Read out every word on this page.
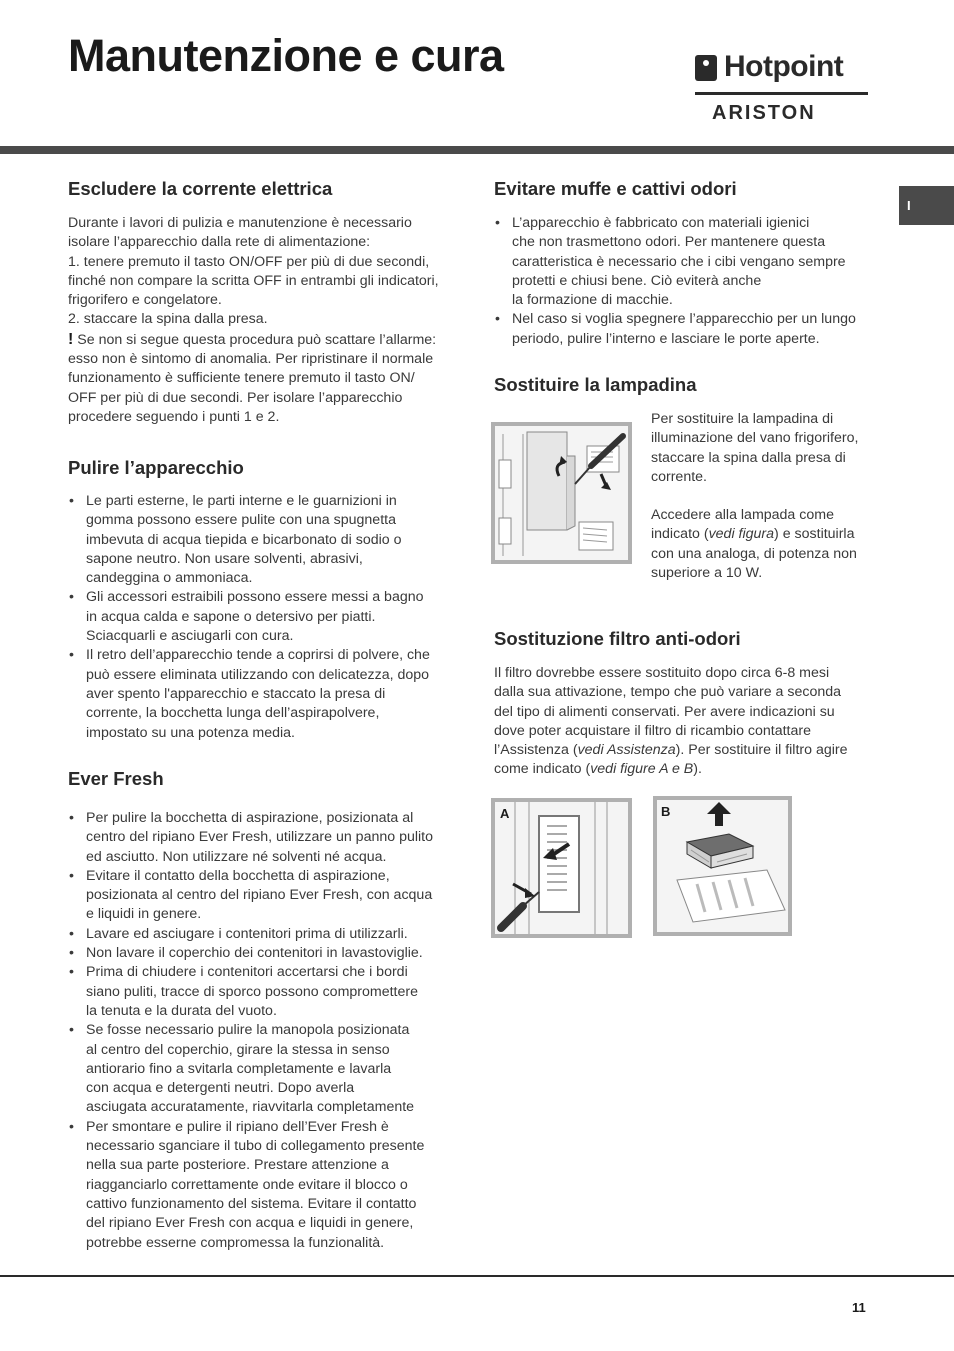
Manutenzione e cura	Hotpoint
ARISTON
I
Escludere la corrente elettrica

Durante i lavori di pulizia e manutenzione è necessario

isolare l’apparecchio dalla rete di alimentazione:

1. tenere premuto il tasto ON/OFF per più di due secondi,

finché non compare la scritta OFF in entrambi gli indicatori,

frigorifero e congelatore.

2. staccare la spina dalla presa.

! Se non si segue questa procedura può scattare l’allarme:

esso non è sintomo di anomalia. Per ripristinare il normale

funzionamento è sufficiente tenere premuto il tasto ON/

OFF per più di due secondi. Per isolare l’apparecchio

procedere seguendo i punti 1 e 2.

Pulire l’apparecchio
• Le parti esterne, le parti interne e le guarnizioni in
gomma possono essere pulite con una spugnetta
imbevuta di acqua tiepida e bicarbonato di sodio o
sapone neutro. Non usare solventi, abrasivi,
candeggina o ammoniaca.
• Gli accessori estraibili possono essere messi a bagno
in acqua calda e sapone o detersivo per piatti.
Sciacquarli e asciugarli con cura.
• Il retro dell’apparecchio tende a coprirsi di polvere, che
può essere eliminata utilizzando con delicatezza, dopo
aver spento l'apparecchio e staccato la presa di
corrente, la bocchetta lunga dell’aspirapolvere,
impostato su una potenza media.
Ever Fresh
• Per pulire la bocchetta di aspirazione, posizionata al
centro del ripiano Ever Fresh, utilizzare un panno pulito
ed asciutto. Non utilizzare né solventi né acqua.
• Evitare il contatto della bocchetta di aspirazione,
posizionata al centro del ripiano Ever Fresh, con acqua
e liquidi in genere.
• Lavare ed asciugare i contenitori prima di utilizzarli.
• Non lavare il coperchio dei contenitori in lavastoviglie.
• Prima di chiudere i contenitori accertarsi che i bordi
siano puliti, tracce di sporco possono compromettere
la tenuta e la durata del vuoto.
• Se fosse necessario pulire la manopola posizionata
al centro del coperchio, girare la stessa in senso
antiorario fino a svitarla completamente e lavarla
con acqua e detergenti neutri. Dopo averla
asciugata accuratamente, riavvitarla completamente
• Per smontare e pulire il ripiano dell’Ever Fresh è
necessario sganciare il tubo di collegamento presente
nella sua parte posteriore. Prestare attenzione a
riagganciarlo correttamente onde evitare il blocco o
cattivo funzionamento del sistema. Evitare il contatto
del ripiano Ever Fresh con acqua e liquidi in genere,
potrebbe esserne compromessa la funzionalità.
Evitare muffe e cattivi odori
• L’apparecchio è fabbricato con materiali igienici
che non trasmettono odori. Per mantenere questa
caratteristica è necessario che i cibi vengano sempre
protetti e chiusi bene. Ciò eviterà anche
la formazione di macchie.
• Nel caso si voglia spegnere l’apparecchio per un lungo
periodo, pulire l’interno e lasciare le porte aperte.
Sostituire la lampadina

Per sostituire la lampadina di

illuminazione del vano frigorifero,

staccare la spina dalla presa di

corrente.

Accedere alla lampada come

indicato (vedi figura) e sostituirla

con una analoga, di potenza non

superiore a 10 W.

Sostituzione filtro anti-odori

Il filtro dovrebbe essere sostituito dopo circa 6-8 mesi

dalla sua attivazione, tempo che può variare a seconda

del tipo di alimenti conservati. Per avere indicazioni su

dove poter acquistare il filtro di ricambio contattare

l’Assistenza (vedi Assistenza). Per sostituire il filtro agire

come indicato (vedi figure A e B).

A	B
11
